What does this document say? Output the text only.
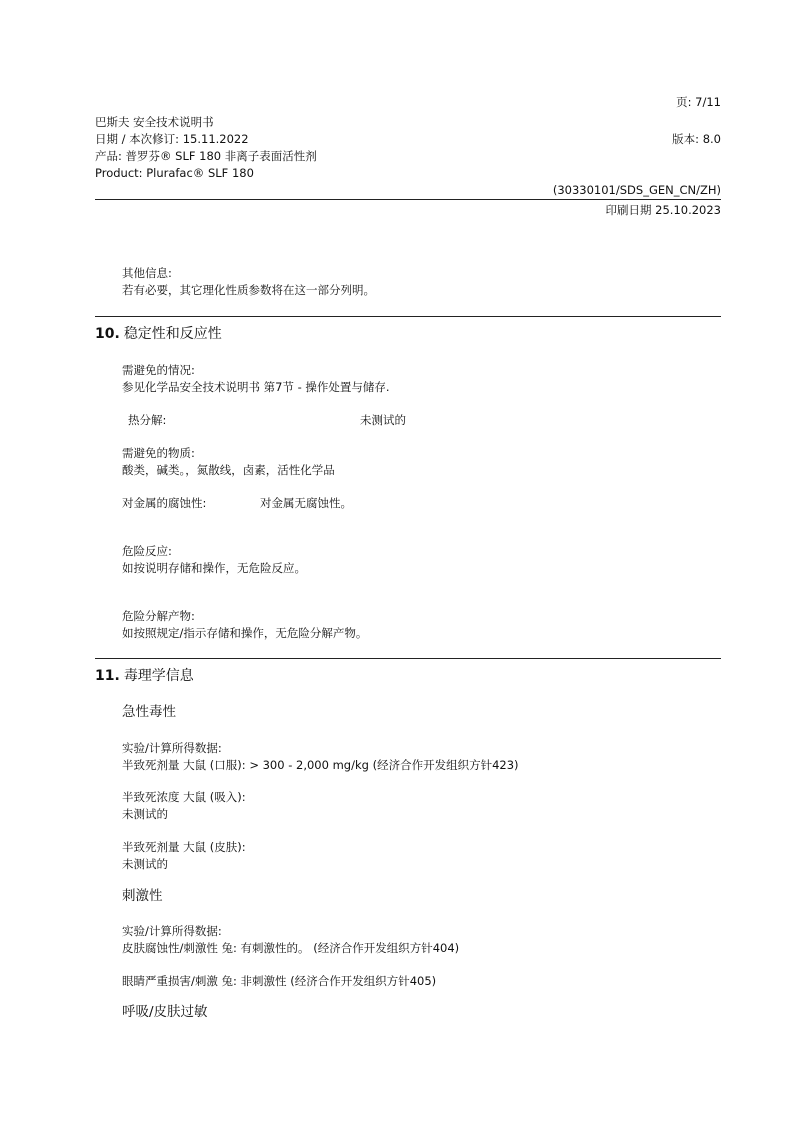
页: 7/11
巴斯夫 安全技术说明书
日期 / 本次修订: 15.11.2022	版本: 8.0
产品: 普罗芬® SLF 180 非离子表面活性剂
Product: Plurafac® SLF 180
(30330101/SDS_GEN_CN/ZH)
印刷日期 25.10.2023
其他信息:
若有必要，其它理化性质参数将在这一部分列明。
10. 稳定性和反应性
需避免的情况:
参见化学品安全技术说明书 第7节 - 操作处置与储存.
热分解:	未测试的
需避免的物质:
酸类，碱类。，氮散线，卤素，活性化学品
对金属的腐蚀性:	对金属无腐蚀性。
危险反应:
如按说明存储和操作，无危险反应。
危险分解产物:
如按照规定/指示存储和操作，无危险分解产物。
11. 毒理学信息
急性毒性
实验/计算所得数据:
半致死剂量 大鼠 (口服): > 300 - 2,000 mg/kg (经济合作开发组织方针423)
半致死浓度 大鼠 (吸入):
未测试的
半致死剂量 大鼠 (皮肤):
未测试的
刺激性
实验/计算所得数据:
皮肤腐蚀性/刺激性 兔: 有刺激性的。 (经济合作开发组织方针404)
眼睛严重损害/刺激 兔: 非刺激性 (经济合作开发组织方针405)
呼吸/皮肤过敏
